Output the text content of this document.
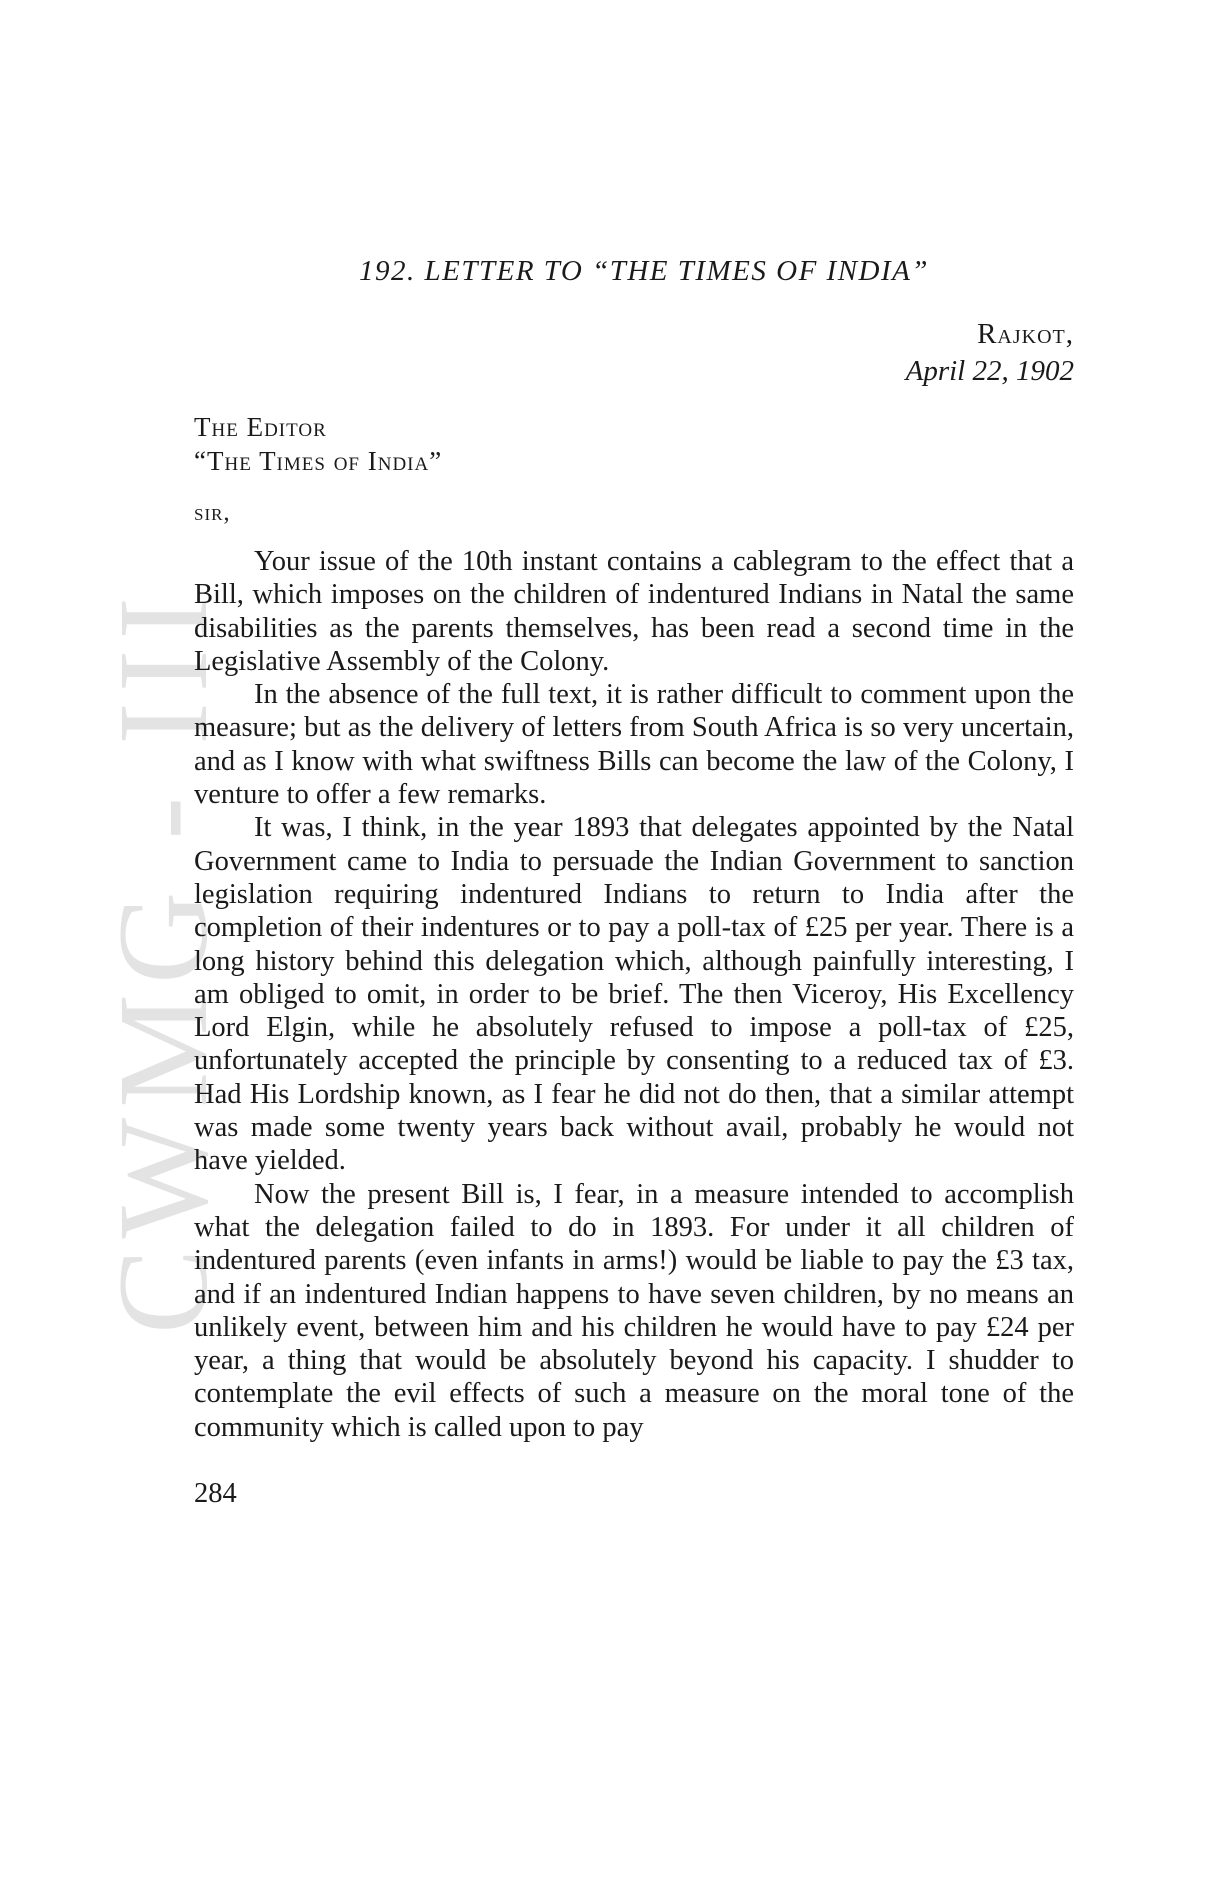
CWMG - III
192. LETTER TO “THE TIMES OF INDIA”
Rajkot,
April 22, 1902
The Editor
“The Times of India”
sir,

Your issue of the 10th instant contains a cablegram to the effect that a Bill, which imposes on the children of indentured Indians in Natal the same disabilities as the parents themselves, has been read a second time in the Legislative Assembly of the Colony.

In the absence of the full text, it is rather difficult to comment upon the measure; but as the delivery of letters from South Africa is so very uncertain, and as I know with what swiftness Bills can become the law of the Colony, I venture to offer a few remarks.

It was, I think, in the year 1893 that delegates appointed by the Natal Government came to India to persuade the Indian Government to sanction legislation requiring indentured Indians to return to India after the completion of their indentures or to pay a poll-tax of £25 per year. There is a long history behind this delegation which, although painfully interesting, I am obliged to omit, in order to be brief. The then Viceroy, His Excellency Lord Elgin, while he absolutely refused to impose a poll-tax of £25, unfortunately accepted the principle by consenting to a reduced tax of £3. Had His Lordship known, as I fear he did not do then, that a similar attempt was made some twenty years back without avail, probably he would not have yielded.

Now the present Bill is, I fear, in a measure intended to accomplish what the delegation failed to do in 1893. For under it all children of indentured parents (even infants in arms!) would be liable to pay the £3 tax, and if an indentured Indian happens to have seven children, by no means an unlikely event, between him and his children he would have to pay £24 per year, a thing that would be absolutely beyond his capacity. I shudder to contemplate the evil effects of such a measure on the moral tone of the community which is called upon to pay

284
